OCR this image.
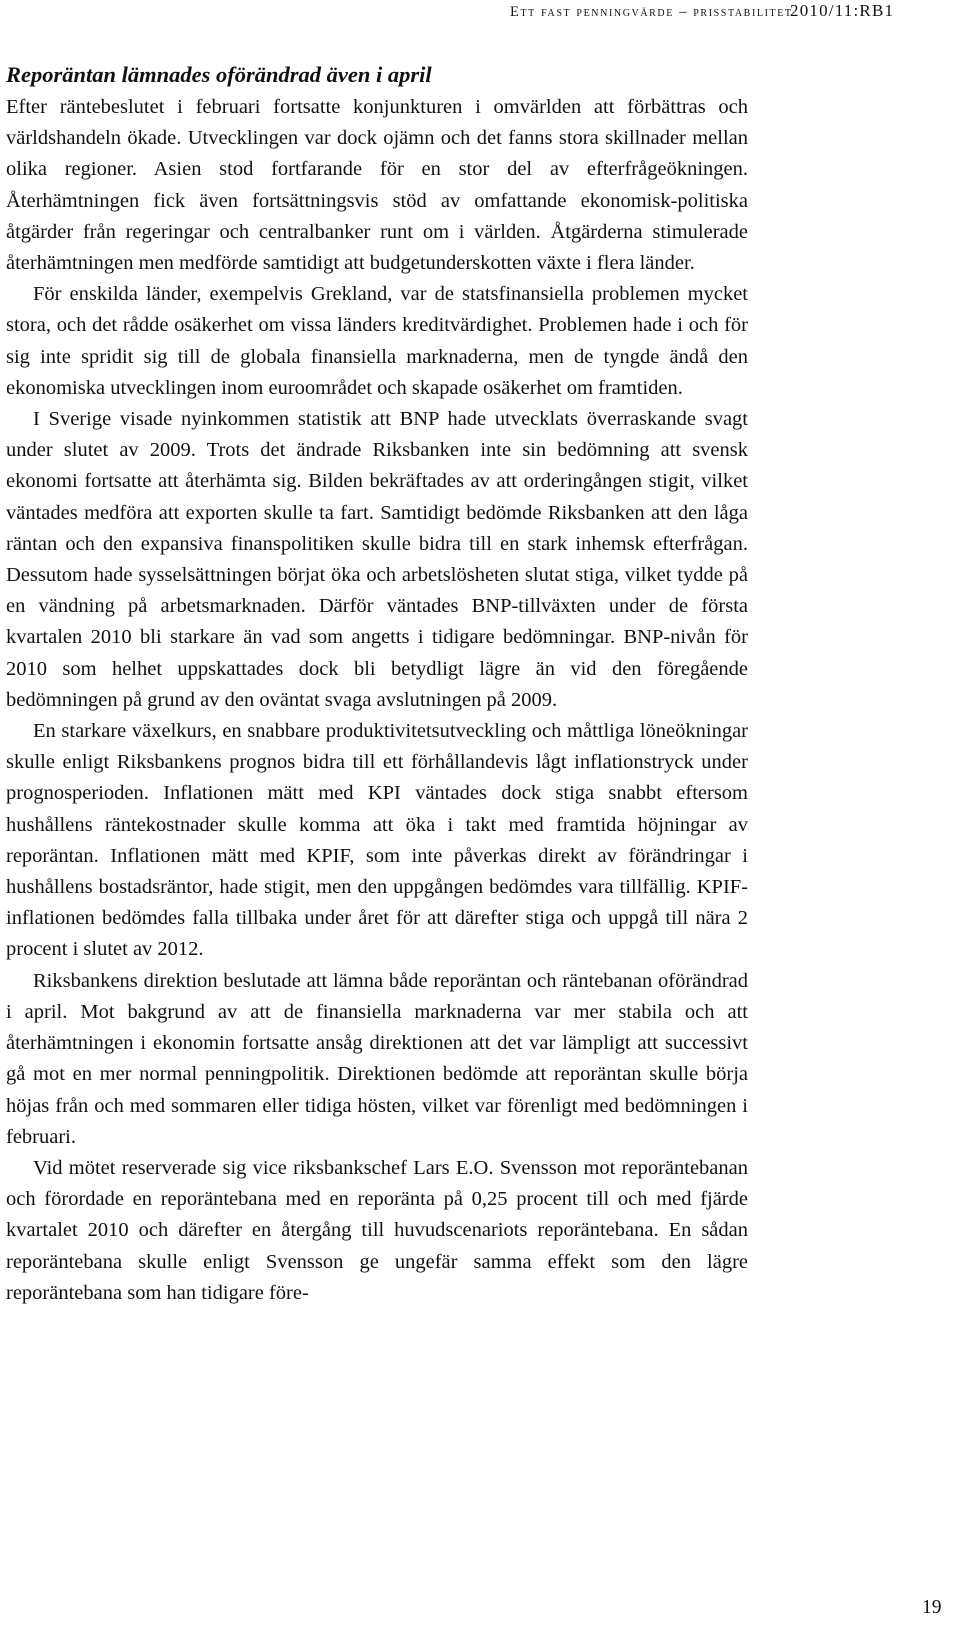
Ett fast penningvärde – prisstabilitet
2010/11:RB1
Reporäntan lämnades oförändrad även i april

Efter räntebeslutet i februari fortsatte konjunkturen i omvärlden att förbättras och världshandeln ökade. Utvecklingen var dock ojämn och det fanns stora skillnader mellan olika regioner. Asien stod fortfarande för en stor del av efterfrågeökningen. Återhämtningen fick även fortsättningsvis stöd av omfattande ekonomisk-politiska åtgärder från regeringar och centralbanker runt om i världen. Åtgärderna stimulerade återhämtningen men medförde samtidigt att budgetunderskotten växte i flera länder.

För enskilda länder, exempelvis Grekland, var de statsfinansiella problemen mycket stora, och det rådde osäkerhet om vissa länders kreditvärdighet. Problemen hade i och för sig inte spridit sig till de globala finansiella marknaderna, men de tyngde ändå den ekonomiska utvecklingen inom euroområdet och skapade osäkerhet om framtiden.

I Sverige visade nyinkommen statistik att BNP hade utvecklats överraskande svagt under slutet av 2009. Trots det ändrade Riksbanken inte sin bedömning att svensk ekonomi fortsatte att återhämta sig. Bilden bekräftades av att orderingången stigit, vilket väntades medföra att exporten skulle ta fart. Samtidigt bedömde Riksbanken att den låga räntan och den expansiva finanspolitiken skulle bidra till en stark inhemsk efterfrågan. Dessutom hade sysselsättningen börjat öka och arbetslösheten slutat stiga, vilket tydde på en vändning på arbetsmarknaden. Därför väntades BNP-tillväxten under de första kvartalen 2010 bli starkare än vad som angetts i tidigare bedömningar. BNP-nivån för 2010 som helhet uppskattades dock bli betydligt lägre än vid den föregående bedömningen på grund av den oväntat svaga avslutningen på 2009.

En starkare växelkurs, en snabbare produktivitetsutveckling och måttliga löneökningar skulle enligt Riksbankens prognos bidra till ett förhållandevis lågt inflationstryck under prognosperioden. Inflationen mätt med KPI väntades dock stiga snabbt eftersom hushållens räntekostnader skulle komma att öka i takt med framtida höjningar av reporäntan. Inflationen mätt med KPIF, som inte påverkas direkt av förändringar i hushållens bostadsräntor, hade stigit, men den uppgången bedömdes vara tillfällig. KPIF-inflationen bedömdes falla tillbaka under året för att därefter stiga och uppgå till nära 2 procent i slutet av 2012.

Riksbankens direktion beslutade att lämna både reporäntan och räntebanan oförändrad i april. Mot bakgrund av att de finansiella marknaderna var mer stabila och att återhämtningen i ekonomin fortsatte ansåg direktionen att det var lämpligt att successivt gå mot en mer normal penningpolitik. Direktionen bedömde att reporäntan skulle börja höjas från och med sommaren eller tidiga hösten, vilket var förenligt med bedömningen i februari.

Vid mötet reserverade sig vice riksbankschef Lars E.O. Svensson mot reporäntebanan och förordade en reporäntebana med en reporänta på 0,25 procent till och med fjärde kvartalet 2010 och därefter en återgång till huvudscenariots reporäntebana. En sådan reporäntebana skulle enligt Svensson ge ungefär samma effekt som den lägre reporäntebana som han tidigare före-

19
